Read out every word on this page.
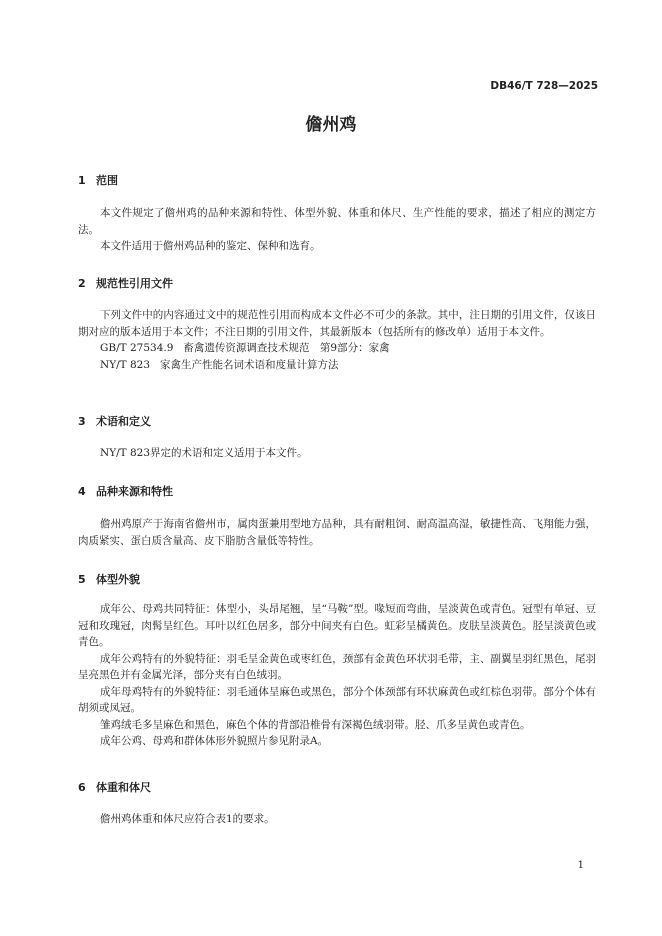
DB46/T 728—2025
儋州鸡
1 范围

本文件规定了儋州鸡的品种来源和特性、体型外貌、体重和体尺、生产性能的要求，描述了相应的测定方法。

本文件适用于儋州鸡品种的鉴定、保种和选育。

2 规范性引用文件

下列文件中的内容通过文中的规范性引用而构成本文件必不可少的条款。其中，注日期的引用文件，仅该日期对应的版本适用于本文件；不注日期的引用文件，其最新版本（包括所有的修改单）适用于本文件。

GB/T 27534.9 畜禽遗传资源调查技术规范　第9部分：家禽

NY/T 823 家禽生产性能名词术语和度量计算方法

3 术语和定义

NY/T 823界定的术语和定义适用于本文件。

4 品种来源和特性

儋州鸡原产于海南省儋州市，属肉蛋兼用型地方品种，具有耐粗饲、耐高温高湿，敏捷性高、飞翔能力强，肉质紧实、蛋白质含量高、皮下脂肪含量低等特性。

5 体型外貌

成年公、母鸡共同特征：体型小，头昂尾翘，呈“马鞍”型。喙短而弯曲，呈淡黄色或青色。冠型有单冠、豆冠和玫瑰冠，肉髯呈红色。耳叶以红色居多，部分中间夹有白色。虹彩呈橘黄色。皮肤呈淡黄色。胫呈淡黄色或青色。

成年公鸡特有的外貌特征：羽毛呈金黄色或枣红色，颈部有金黄色环状羽毛带，主、副翼呈羽红黑色，尾羽呈亮黑色并有金属光泽，部分夹有白色绒羽。

成年母鸡特有的外貌特征：羽毛通体呈麻色或黑色，部分个体颈部有环状麻黄色或红棕色羽带。部分个体有胡须或凤冠。

雏鸡绒毛多呈麻色和黑色，麻色个体的背部沿椎骨有深褐色绒羽带。胫、爪多呈黄色或青色。

成年公鸡、母鸡和群体体形外貌照片参见附录A。

6 体重和体尺

儋州鸡体重和体尺应符合表1的要求。

1
